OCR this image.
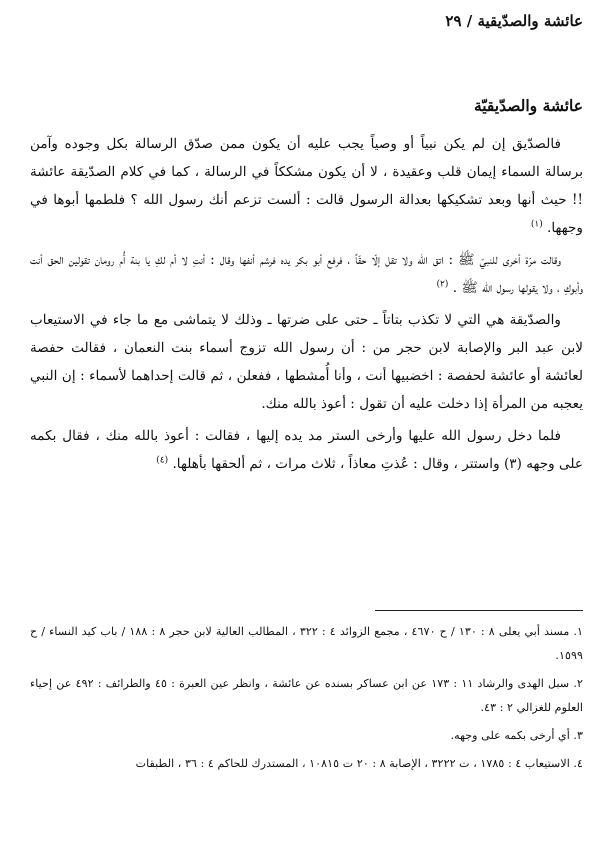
عائشة والصدّيقية / ٢٩
عائشة والصدّيقيّة

فالصدّيق إن لم يكن نبياً أو وصياً يجب عليه أن يكون ممن صدّق الرسالة بكل وجوده وآمن برسالة السماء إيمان قلب وعقيدة ، لا أن يكون مشككاً في الرسالة ، كما في كلام الصدّيقة عائشة !! حيث أنها وبعد تشكيكها بعدالة الرسول قالت : ألست تزعم أنك رسول الله ؟ فلطمها أبوها في وجهها. $^{(١)}$

وقالت مرّة أخرى للنبيّ ﷺ : اتق الله ولا تقل إلّا حقّاً ، فرفع أبو بكر يده فرشم أنفها وقال : أنتِ لا أم لكِ يا بنة أُم رومان تقولين الحق أنت وأبوكِ ، ولا يقولها رسول الله ﷺ . $^{(٢)}$

والصدّيقة هي التي لا تكذب بتاتاً ـ حتى على ضرتها ـ وذلك لا يتماشى مع ما جاء في الاستيعاب لابن عبد البر والإصابة لابن حجر من : أن رسول الله تزوج أسماء بنت النعمان ، فقالت حفصة لعائشة أو عائشة لحفصة : اخضبيها أنت ، وأنا أُمشطها ، ففعلن ، ثم قالت إحداهما لأسماء : إن النبي يعجبه من المرأة إذا دخلت عليه أن تقول : أعوذ بالله منك.

فلما دخل رسول الله عليها وأرخى الستر مد يده إليها ، فقالت : أعوذ بالله منك ، فقال بكمه على وجهه (٣) واستتر ، وقال : عُذتِ معاذاً ، ثلاث مرات ، ثم ألحقها بأهلها. $^{(٤)}$

١. مسند أبي يعلى ٨ : ١٣٠ / ح ٤٦٧٠ ، مجمع الزوائد ٤ : ٣٢٢ ، المطالب العالية لابن حجر ٨ : ١٨٨ / باب كيد النساء / ح ١٥٩٩.

٢. سبل الهدى والرشاد ١١ : ١٧٣ عن ابن عساكر بسنده عن عائشة ، وانظر عين العبرة : ٤٥ والطرائف : ٤٩٢ عن إحياء العلوم للغزالي ٢ : ٤٣.

٣. أي أرخى بكمه على وجهه.

٤. الاستيعاب ٤ : ١٧٨٥ ، ت ٣٢٢٢ ، الإصابة ٨ : ٢٠ ت ١٠٨١٥ ، المستدرك للحاكم ٤ : ٣٦ ، الطبقات
